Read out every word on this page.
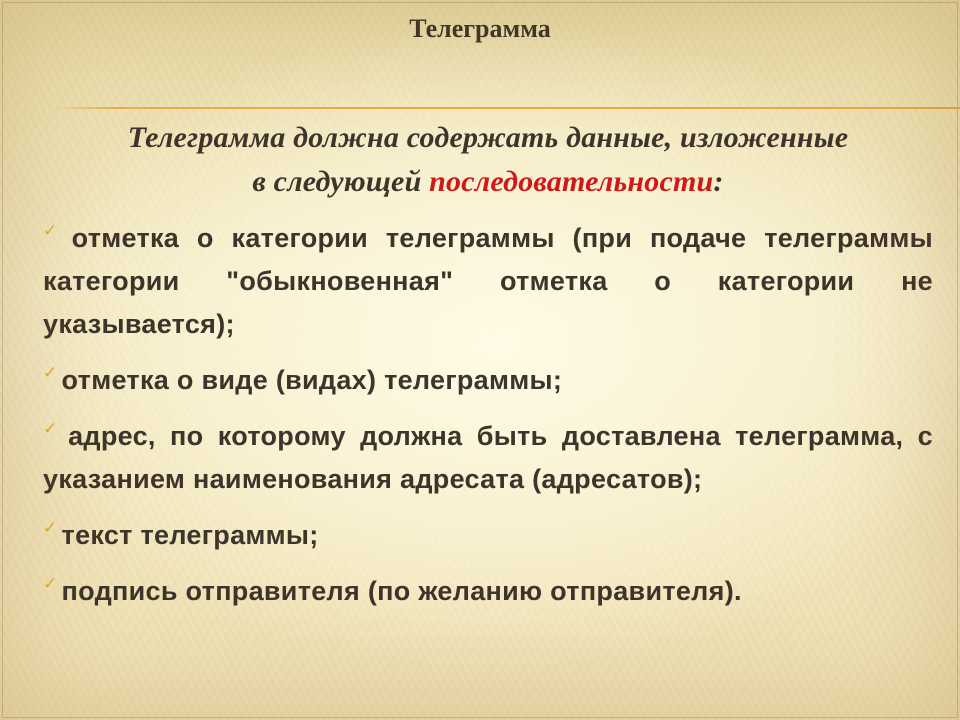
Телеграмма
Телеграмма должна содержать данные, изложенные
в следующей последовательности:
✓ отметка о категории телеграммы (при подаче телеграммы категории "обыкновенная" отметка о категории не указывается);
✓ отметка о виде (видах) телеграммы;
✓ адрес, по которому должна быть доставлена телеграмма, с указанием наименования адресата (адресатов);
✓ текст телеграммы;
✓ подпись отправителя (по желанию отправителя).
